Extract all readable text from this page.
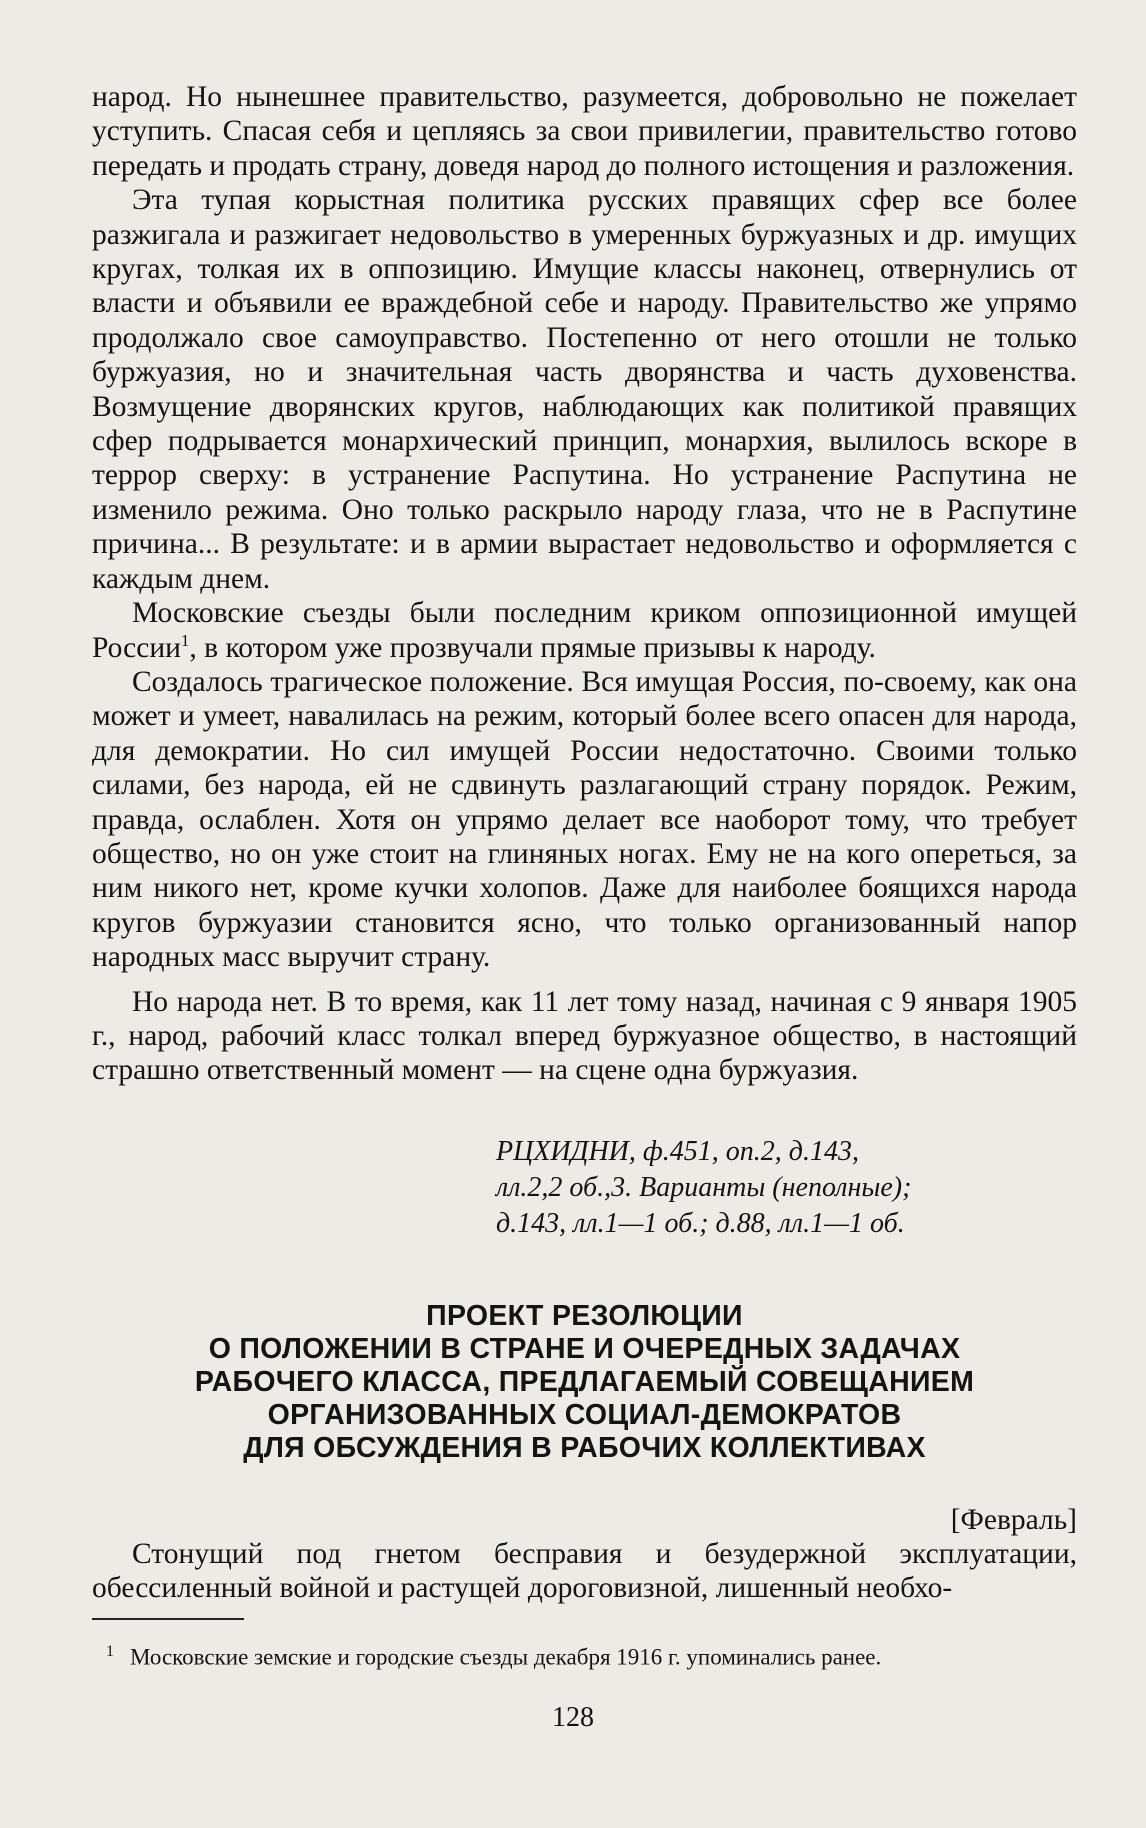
народ. Но нынешнее правительство, разумеется, добровольно не пожелает уступить. Спасая себя и цепляясь за свои привилегии, правительство готово передать и продать страну, доведя народ до полного истощения и разложения.

Эта тупая корыстная политика русских правящих сфер все более разжигала и разжигает недовольство в умеренных буржуазных и др. имущих кругах, толкая их в оппозицию. Имущие классы наконец, отвернулись от власти и объявили ее враждебной себе и народу. Правительство же упрямо продолжало свое самоуправство. Постепенно от него отошли не только буржуазия, но и значительная часть дворянства и часть духовенства. Возмущение дворянских кругов, наблюдающих как политикой правящих сфер подрывается монархический принцип, монархия, вылилось вскоре в террор сверху: в устранение Распутина. Но устранение Распутина не изменило режима. Оно только раскрыло народу глаза, что не в Распутине причина... В результате: и в армии вырастает недовольство и оформляется с каждым днем.

Московские съезды были последним криком оппозиционной имущей России$^1$, в котором уже прозвучали прямые призывы к народу.

Создалось трагическое положение. Вся имущая Россия, по-своему, как она может и умеет, навалилась на режим, который более всего опасен для народа, для демократии. Но сил имущей России недостаточно. Своими только силами, без народа, ей не сдвинуть разлагающий страну порядок. Режим, правда, ослаблен. Хотя он упрямо делает все наоборот тому, что требует общество, но он уже стоит на глиняных ногах. Ему не на кого опереться, за ним никого нет, кроме кучки холопов. Даже для наиболее боящихся народа кругов буржуазии становится ясно, что только организованный напор народных масс выручит страну.

Но народа нет. В то время, как 11 лет тому назад, начиная с 9 января 1905 г., народ, рабочий класс толкал вперед буржуазное общество, в настоящий страшно ответственный момент — на сцене одна буржуазия.

РЦХИДНИ, ф.451, оп.2, д.143,
лл.2,2 об.,3. Варианты (неполные);
д.143, лл.1—1 об.; д.88, лл.1—1 об.
ПРОЕКТ РЕЗОЛЮЦИИ
О ПОЛОЖЕНИИ В СТРАНЕ И ОЧЕРЕДНЫХ ЗАДАЧАХ
РАБОЧЕГО КЛАССА, ПРЕДЛАГАЕМЫЙ СОВЕЩАНИЕМ
ОРГАНИЗОВАННЫХ СОЦИАЛ-ДЕМОКРАТОВ
ДЛЯ ОБСУЖДЕНИЯ В РАБОЧИХ КОЛЛЕКТИВАХ
[Февраль]

Стонущий под гнетом бесправия и безудержной эксплуатации, обессиленный войной и растущей дороговизной, лишенный необхо-

$^1$ Московские земские и городские съезды декабря 1916 г. упоминались ранее.
128
